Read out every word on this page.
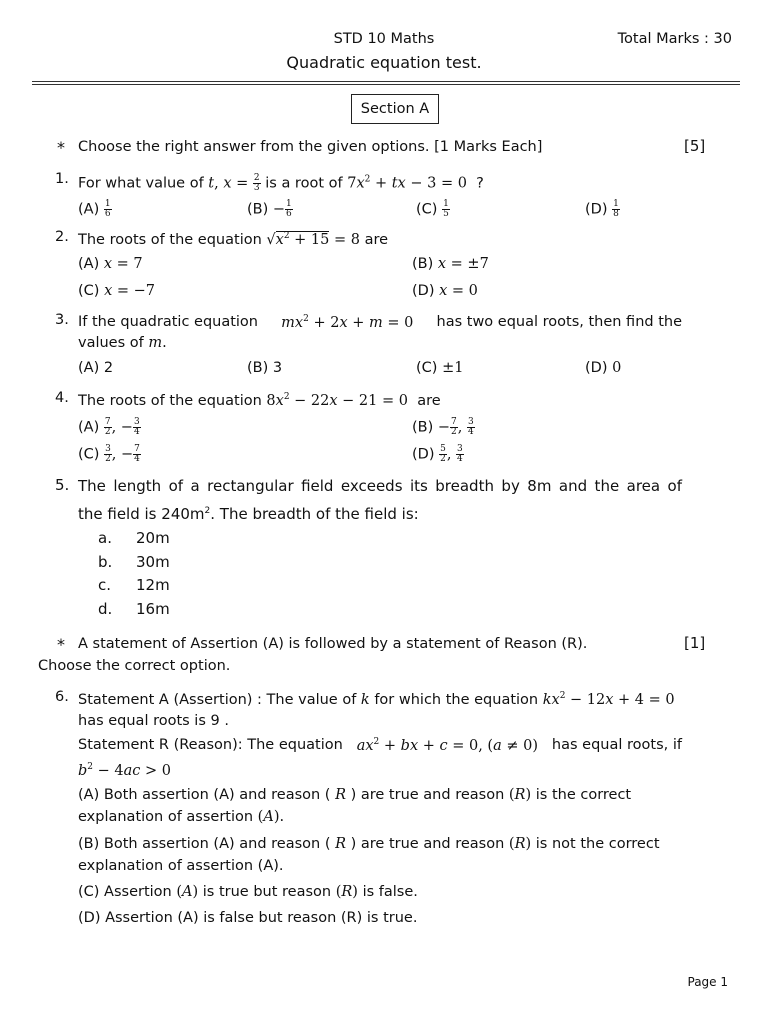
STD 10 Maths	Total Marks : 30
Quadratic equation test.
Section A
* Choose the right answer from the given options. [1 Marks Each]	[5]
1. For what value of t, $x = \frac{2}{3}$ is a root of $7x^2$ + tx − 3 = 0 ?
$(A) \frac{1}{6}$	$(B) - \frac{1}{6}$	$(C) \frac{1}{5}$	$(D) \frac{1}{8}$
2. The roots of the equation $√x^2 + 15 = 8$ are
(A) x = 7	(B) x = ±7
(C) x = −7	(D) x = 0
3. If the quadratic equation $mx^2 + 2x + m = 0$ has two equal roots, then find the
values of m.
(A) 2	(B) 3	(C) ±1	(D) 0
4. The roots of the equation $8x^2 - 22x - 21 = 0$ are
$(A) \frac{7}{2}$ , − $\frac{3}{4}$	$(B) - \frac{7}{2}$ , $\frac{3}{4}$
$(C) \frac{3}{2}$ , − $\frac{7}{4}$	$(D) \frac{5}{2}$ , $\frac{3}{4}$
5. The length of a rectangular field exceeds its breadth by 8m and the area of
the field is $240m^2$. The breadth of the field is:
a. 20m
b. 30m
c. 12m
d. 16m
* A statement of Assertion (A) is followed by a statement of Reason (R).	[1]
Choose the correct option.
6. Statement A (Assertion) : The value of k for which the equation $kx^2 - 12x + 4 = 0$
has equal roots is 9 .
Statement R (Reason): The equation $ax^2$ + bx + c = 0, (a ≠ 0) has equal roots, if
$b^2 - 4ac > 0$
(A) Both assertion (A) and reason ( R ) are true and reason (R) is the correct
explanation of assertion (A).
(B) Both assertion (A) and reason ( R ) are true and reason (R) is not the correct
explanation of assertion (A).
(C) Assertion (A) is true but reason (R) is false.
(D) Assertion (A) is false but reason (R) is true.
Page 1
